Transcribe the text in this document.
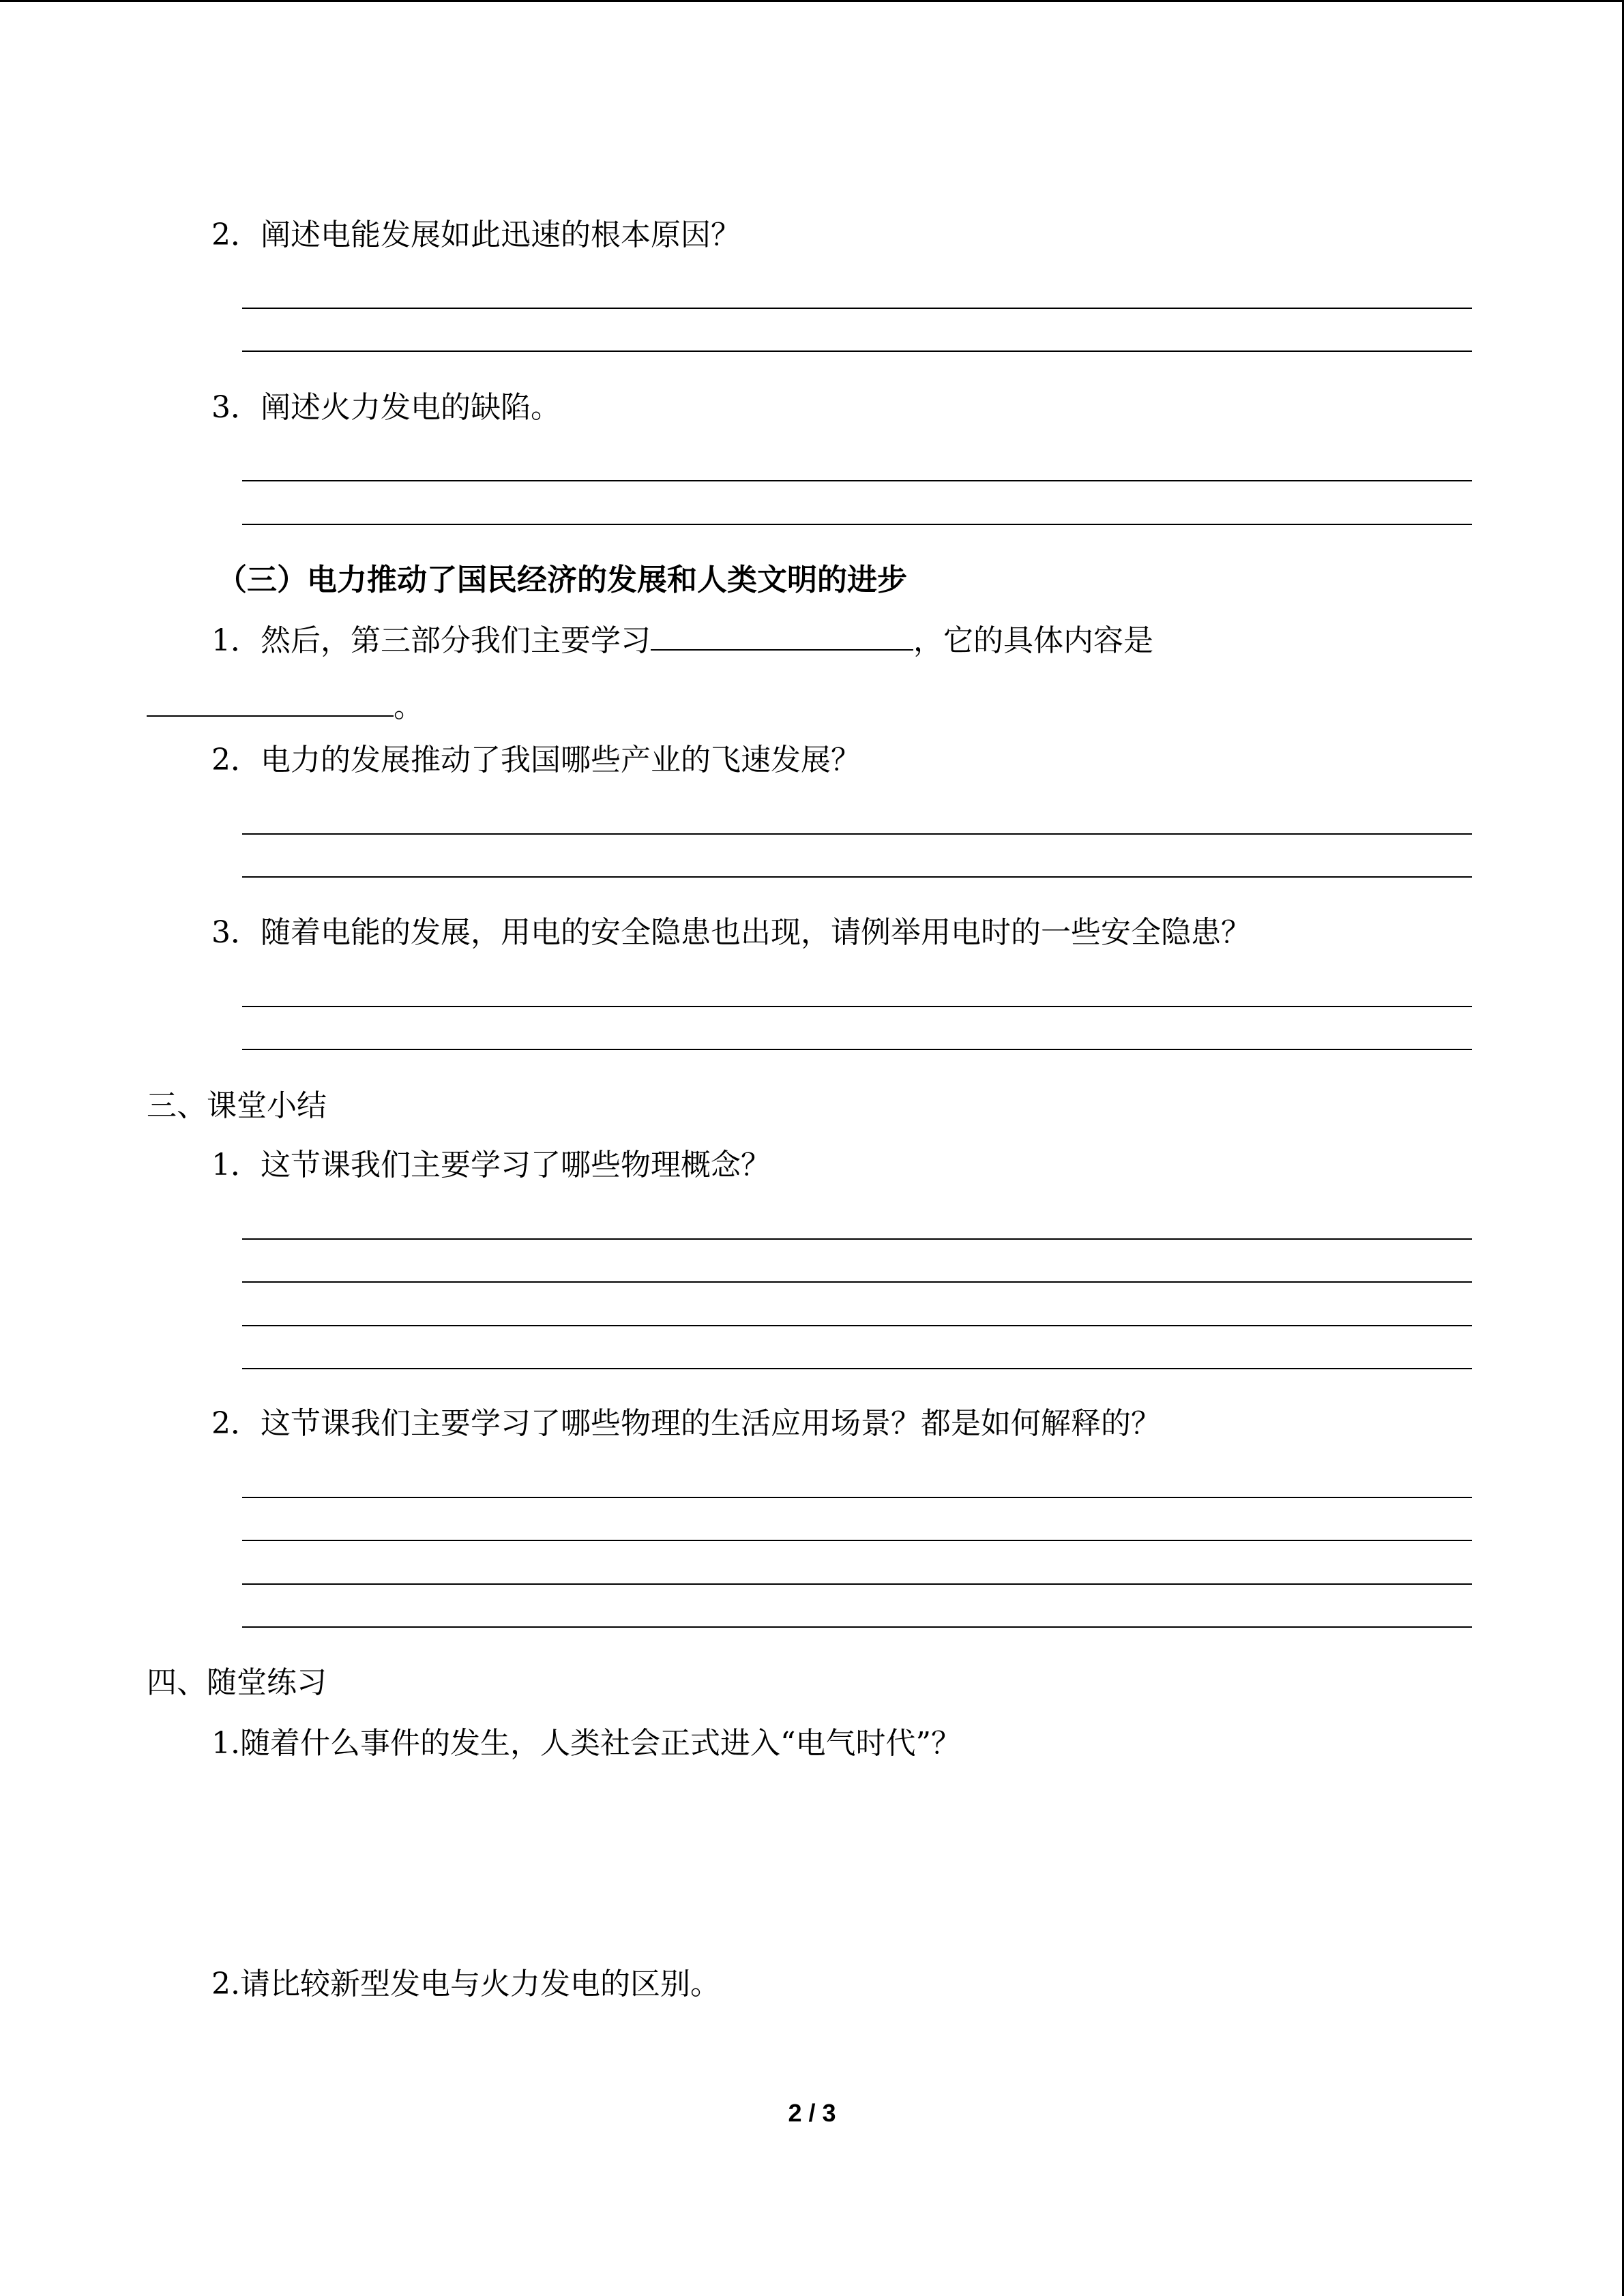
2．阐述电能发展如此迅速的根本原因？
3．阐述火力发电的缺陷。
（三）电力推动了国民经济的发展和人类文明的进步
1．然后，第三部分我们主要学习	，它的具体内容是
。
2．电力的发展推动了我国哪些产业的飞速发展？
3．随着电能的发展，用电的安全隐患也出现，请例举用电时的一些安全隐患？
三、课堂小结
1．这节课我们主要学习了哪些物理概念？
2．这节课我们主要学习了哪些物理的生活应用场景？都是如何解释的？
四、随堂练习
1.随着什么事件的发生，人类社会正式进入“电气时代”？
2.请比较新型发电与火力发电的区别。
2 / 3
